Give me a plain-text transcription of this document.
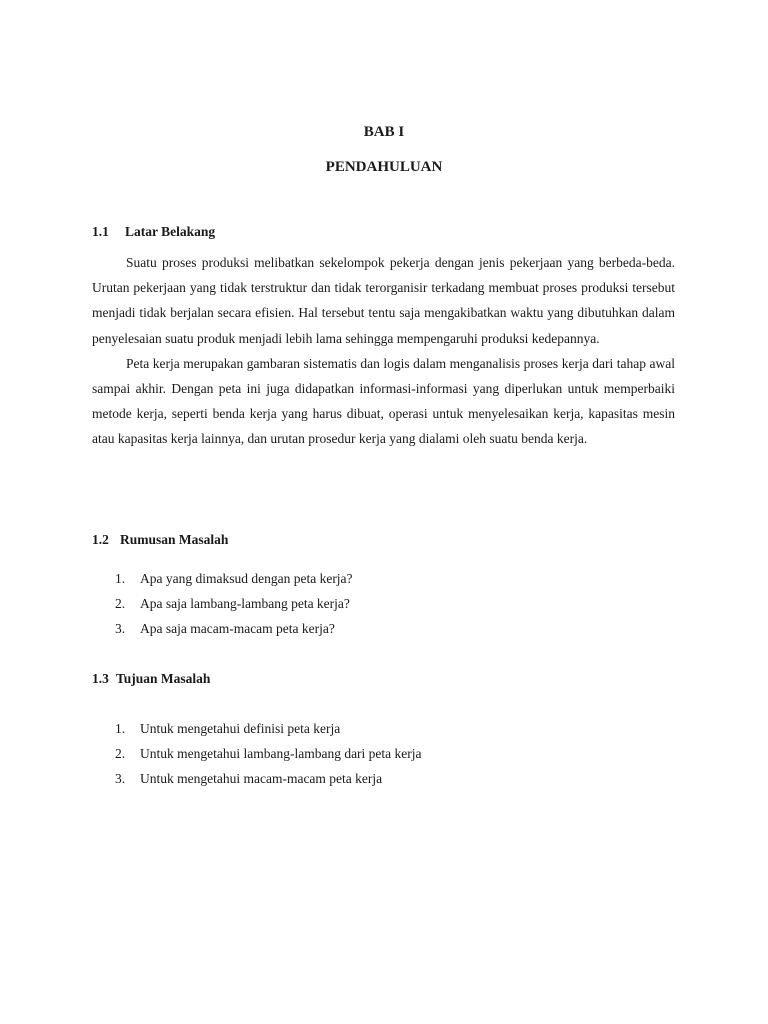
BAB I
PENDAHULUAN
1.1 Latar Belakang

Suatu proses produksi melibatkan sekelompok pekerja dengan jenis pekerjaan yang berbeda-beda. Urutan pekerjaan yang tidak terstruktur dan tidak terorganisir terkadang membuat proses produksi tersebut menjadi tidak berjalan secara efisien. Hal tersebut tentu saja mengakibatkan waktu yang dibutuhkan dalam penyelesaian suatu produk menjadi lebih lama sehingga mempengaruhi produksi kedepannya.

Peta kerja merupakan gambaran sistematis dan logis dalam menganalisis proses kerja dari tahap awal sampai akhir. Dengan peta ini juga didapatkan informasi-informasi yang diperlukan untuk memperbaiki metode kerja, seperti benda kerja yang harus dibuat, operasi untuk menyelesaikan kerja, kapasitas mesin atau kapasitas kerja lainnya, dan urutan prosedur kerja yang dialami oleh suatu benda kerja.

1.2 Rumusan Masalah
1. Apa yang dimaksud dengan peta kerja?
2. Apa saja lambang-lambang peta kerja?
3. Apa saja macam-macam peta kerja?
1.3 Tujuan Masalah
1. Untuk mengetahui definisi peta kerja
2. Untuk mengetahui lambang-lambang dari peta kerja
3. Untuk mengetahui macam-macam peta kerja
